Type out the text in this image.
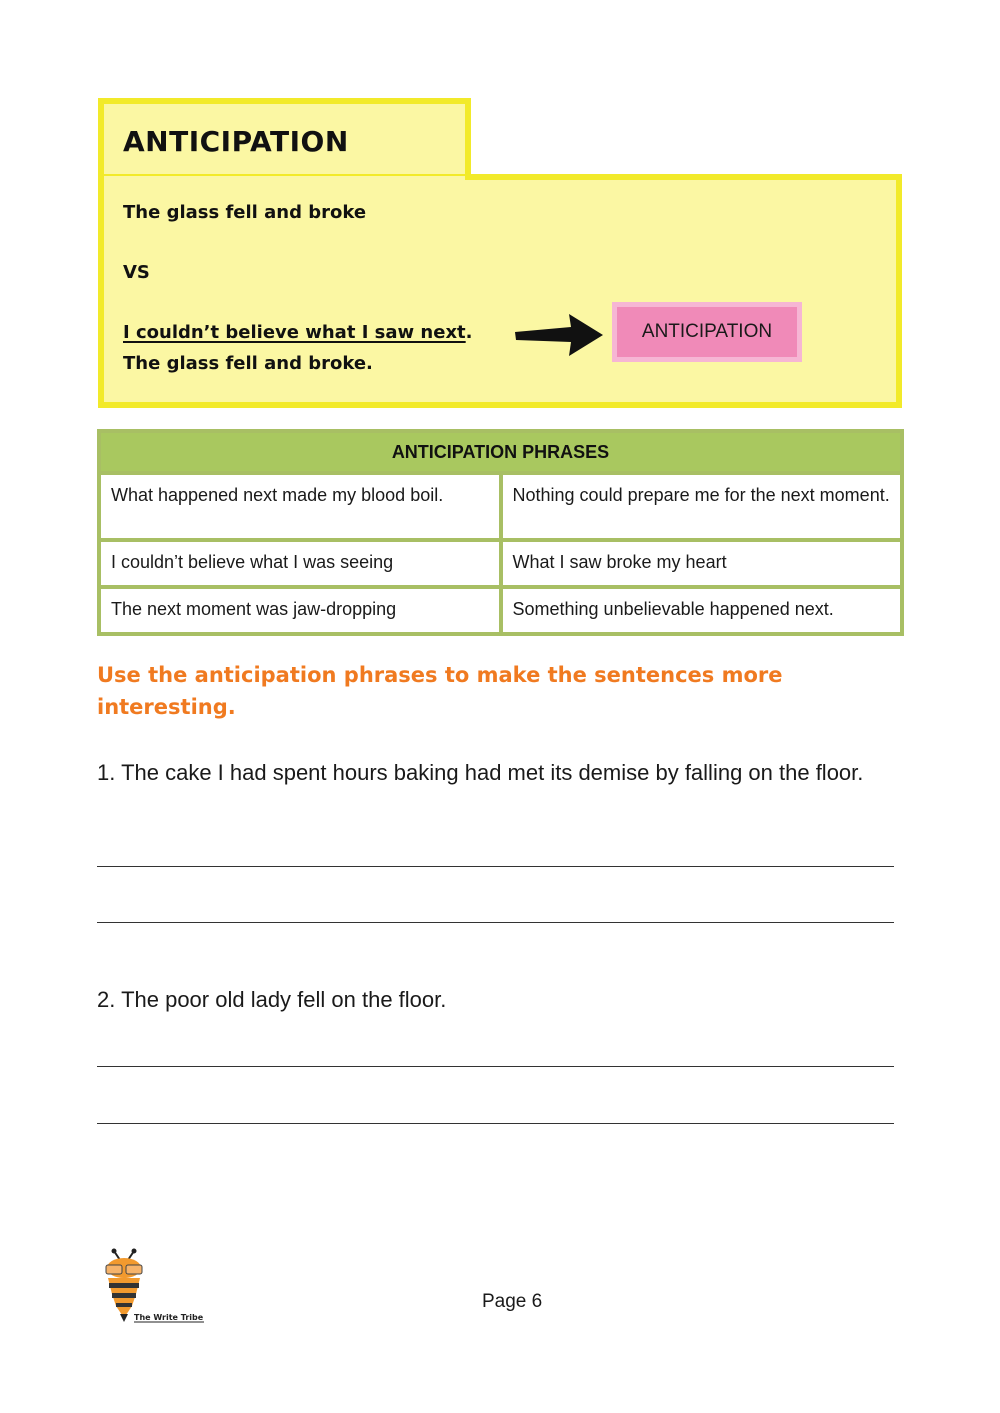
ANTICIPATION
The glass fell and broke
VS
I couldn’t believe what I saw next.
The glass fell and broke.
ANTICIPATION
ANTICIPATION PHRASES	
What happened next made my blood boil.	Nothing could prepare me for the next moment.
I couldn’t believe what I was seeing	What I saw broke my heart
The next moment was jaw-dropping	Something unbelievable happened next.
Use the anticipation phrases to make the sentences more interesting.
1. The cake I had spent hours baking had met its demise by falling on the floor.
2. The poor old lady fell on the floor.
The Write Tribe
Page 6
